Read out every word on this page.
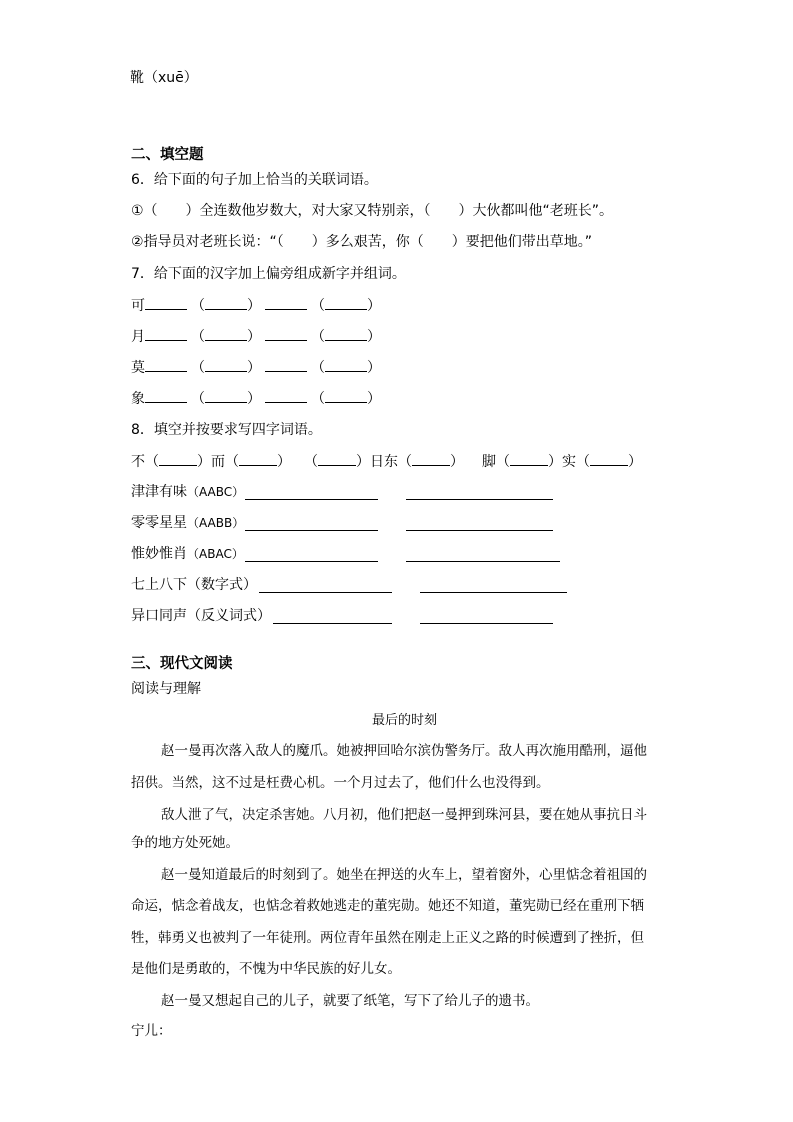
靴（xuē）
二、填空题
6．给下面的句子加上恰当的关联词语。
①（　　）全连数他岁数大，对大家又特别亲，（　　）大伙都叫他“老班长”。
②指导员对老班长说：“（　　）多么艰苦，你（　　）要把他们带出草地。”
7．给下面的汉字加上偏旁组成新字并组词。
可	（	）	（	）
月	（	）	（	）
莫	（	）	（	）
象	（	）	（	）
8．填空并按要求写四字词语。
不（	）而（	） （	）日东（	） 脚（	）实（	）
津津有味（AABC）
零零星星（AABB）
惟妙惟肖（ABAC）
七上八下（数字式）
异口同声（反义词式）
三、现代文阅读
阅读与理解
最后的时刻
赵一曼再次落入敌人的魔爪。她被押回哈尔滨伪警务厅。敌人再次施用酷刑，逼他
招供。当然，这不过是枉费心机。一个月过去了，他们什么也没得到。
敌人泄了气，决定杀害她。八月初，他们把赵一曼押到珠河县，要在她从事抗日斗
争的地方处死她。
赵一曼知道最后的时刻到了。她坐在押送的火车上，望着窗外，心里惦念着祖国的
命运，惦念着战友，也惦念着救她逃走的董宪勋。她还不知道，董宪勋已经在重刑下牺
牲，韩勇义也被判了一年徒刑。两位青年虽然在刚走上正义之路的时候遭到了挫折，但
是他们是勇敢的，不愧为中华民族的好儿女。
赵一曼又想起自己的儿子，就要了纸笔，写下了给儿子的遗书。
宁儿：
